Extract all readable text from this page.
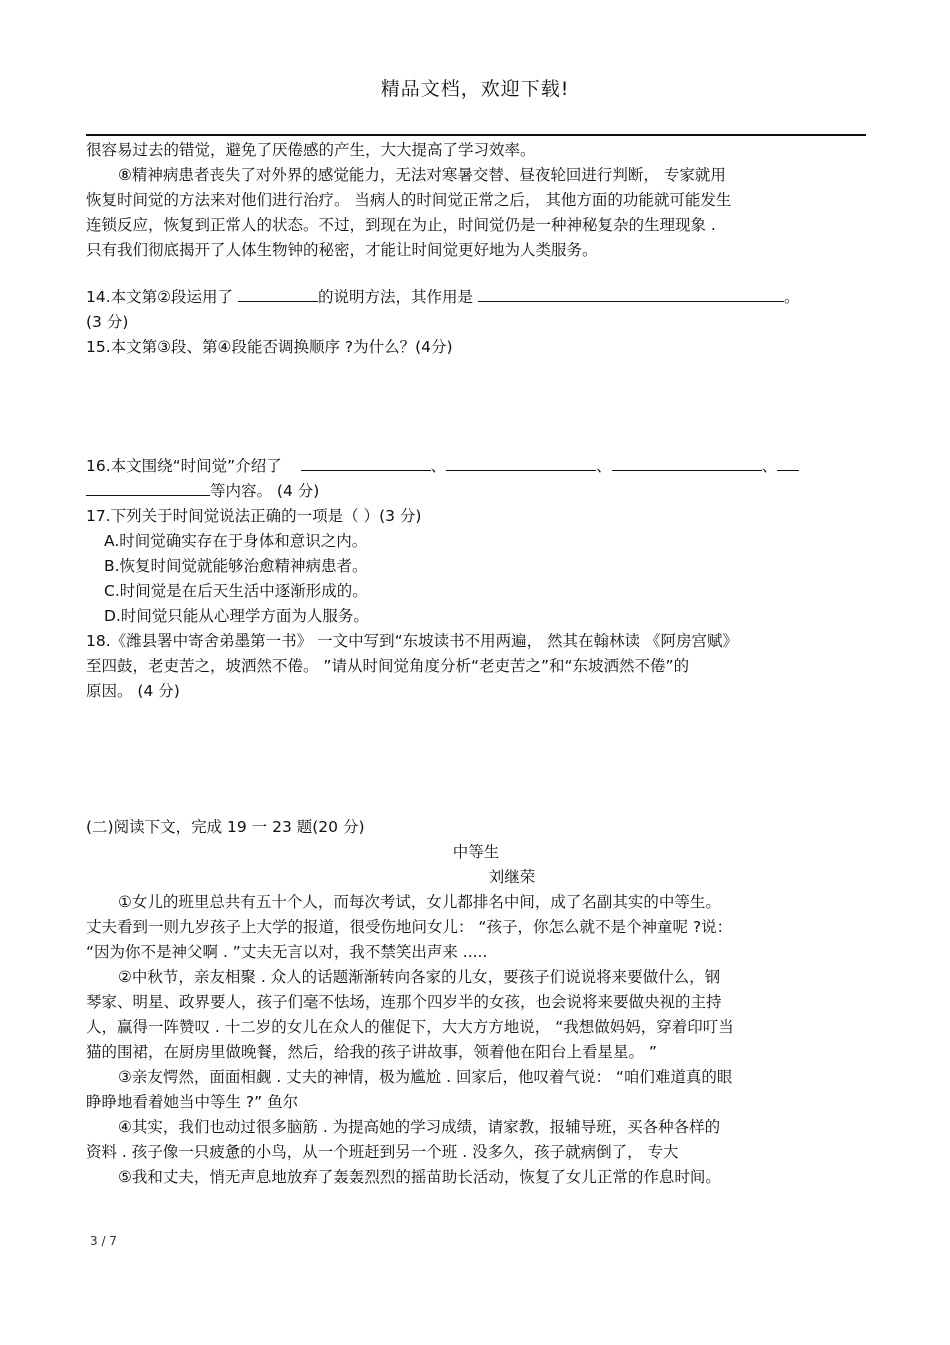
精品文档，欢迎下载!

很容易过去的错觉，避免了厌倦感的产生，大大提高了学习效率。

⑧精神病患者丧失了对外界的感觉能力，无法对寒暑交替、昼夜轮回进行判断， 专家就用

恢复时间觉的方法来对他们进行治疗。 当病人的时间觉正常之后， 其他方面的功能就可能发生

连锁反应，恢复到正常人的状态。不过，到现在为止，时间觉仍是一种神秘复杂的生理现象 .

只有我们彻底揭开了人体生物钟的秘密，才能让时间觉更好地为人类服务。

14.本文第②段运用了	的说明方法，其作用是	。

(3 分)

15.本文第③段、第④段能否调换顺序 ?为什么？(4分)

16.本文围绕“时间觉”介绍了	、	、	、

等内容。 (4 分)

17.下列关于时间觉说法正确的一项是（ ）(3 分)

A.时间觉确实存在于身体和意识之内。

B.恢复时间觉就能够治愈精神病患者。

C.时间觉是在后天生活中逐渐形成的。

D.时间觉只能从心理学方面为人服务。

18.《潍县署中寄舍弟墨第一书》 一文中写到“东坡读书不用两遍， 然其在翰林读 《阿房宫赋》

至四鼓，老吏苦之，坡洒然不倦。 ”请从时间觉角度分析“老吏苦之”和“东坡洒然不倦”的

原因。 (4 分)

(二)阅读下文，完成 19 一 23 题(20 分)

中等生

刘继荣

①女儿的班里总共有五十个人，而每次考试，女儿都排名中间，成了名副其实的中等生。

丈夫看到一则九岁孩子上大学的报道，很受伤地问女儿： “孩子，你怎么就不是个神童呢 ?说：

“因为你不是神父啊 . ”丈夫无言以对，我不禁笑出声来 .....

②中秋节，亲友相聚 . 众人的话题渐渐转向各家的儿女，要孩子们说说将来要做什么，钢

琴家、明星、政界要人，孩子们毫不怯场，连那个四岁半的女孩，也会说将来要做央视的主持

人，赢得一阵赞叹 . 十二岁的女儿在众人的催促下，大大方方地说， “我想做妈妈，穿着印叮当

猫的围裙，在厨房里做晚餐，然后，给我的孩子讲故事，领着他在阳台上看星星。 ”

③亲友愕然，面面相觑 . 丈夫的神情，极为尴尬 . 回家后，他叹着气说： “咱们难道真的眼

睁睁地看着她当中等生 ?” 鱼尔

④其实，我们也动过很多脑筋 . 为提高她的学习成绩，请家教，报辅导班，买各种各样的

资料 . 孩子像一只疲惫的小鸟，从一个班赶到另一个班 . 没多久，孩子就病倒了， 专大

⑤我和丈夫，悄无声息地放弃了轰轰烈烈的摇苗助长活动，恢复了女儿正常的作息时间。

3 / 7
